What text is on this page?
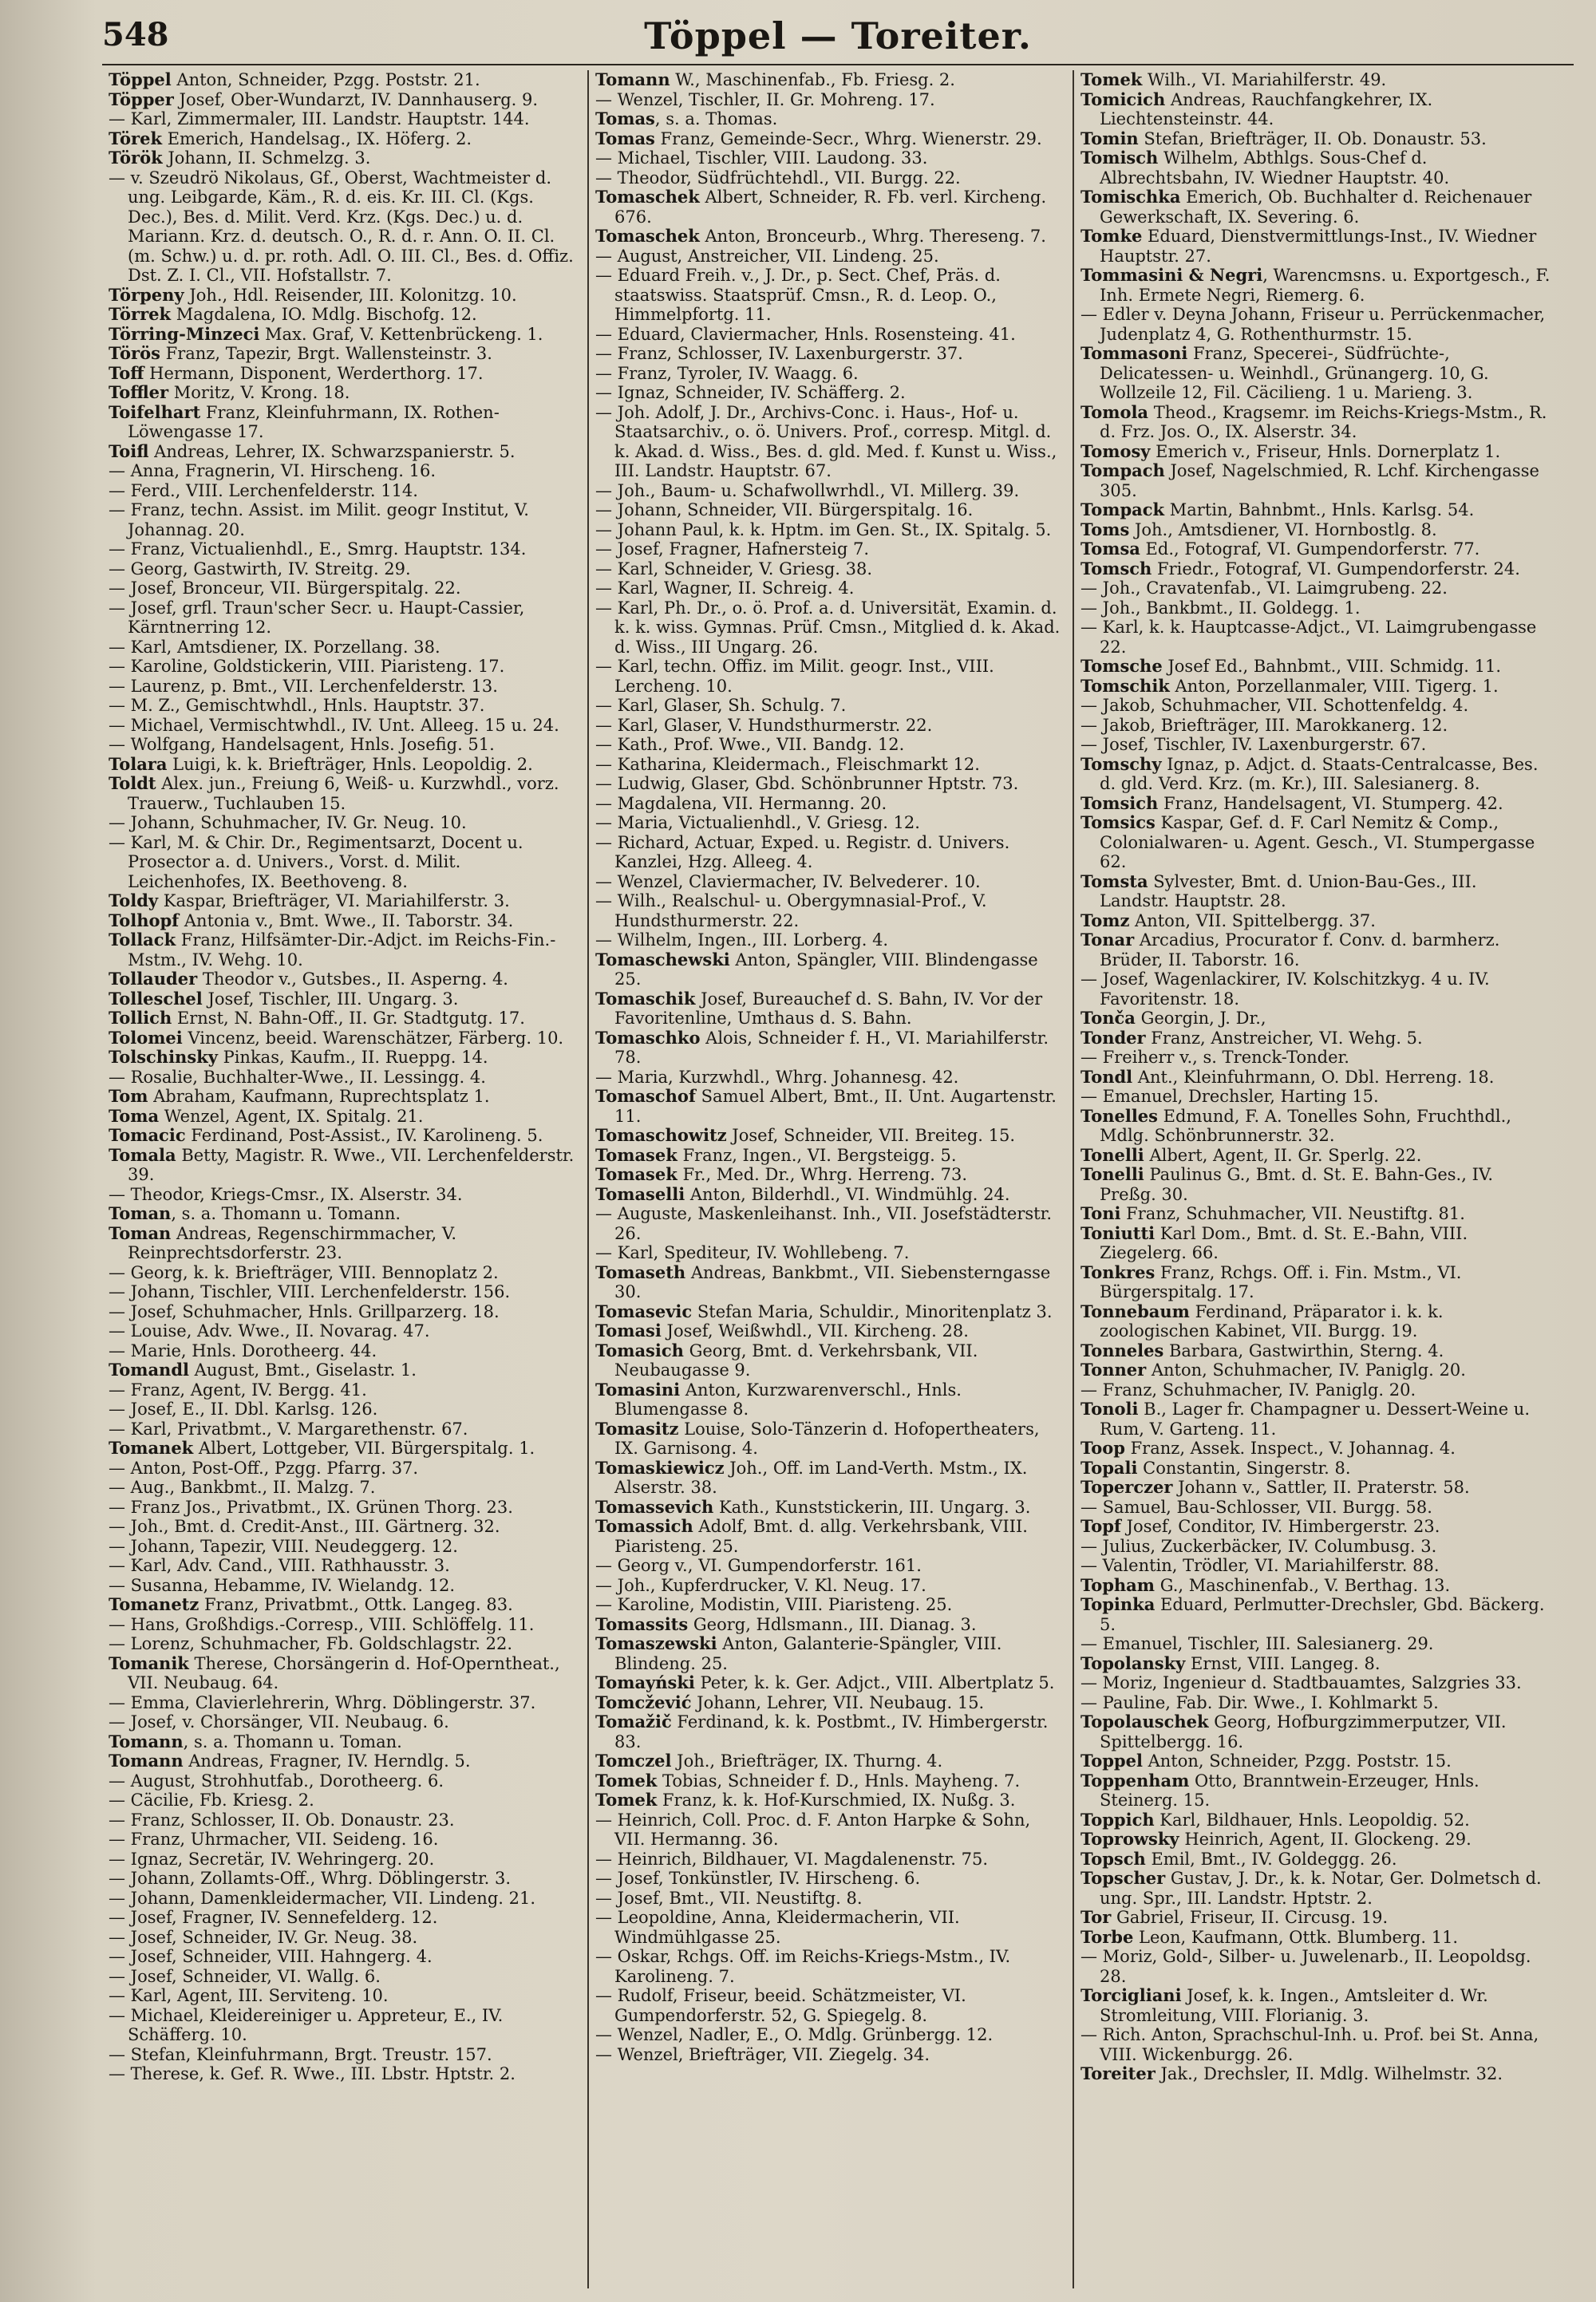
548	Töppel — Toreiter.
Töppel Anton, Schneider, Pzgg. Poststr. 21.
Töpper Josef, Ober-Wundarzt, IV. Dannhauserg. 9.
— Karl, Zimmermaler, III. Landstr. Hauptstr. 144.
Törek Emerich, Handelsag., IX. Höferg. 2.
Török Johann, II. Schmelzg. 3.
— v. Szeudrö Nikolaus, Gf., Oberst, Wachtmeister d. ung. Leibgarde, Käm., R. d. eis. Kr. III. Cl. (Kgs. Dec.), Bes. d. Milit. Verd. Krz. (Kgs. Dec.) u. d. Mariann. Krz. d. deutsch. O., R. d. r. Ann. O. II. Cl. (m. Schw.) u. d. pr. roth. Adl. O. III. Cl., Bes. d. Offiz. Dst. Z. I. Cl., VII. Hofstallstr. 7.
Törpeny Joh., Hdl. Reisender, III. Kolonitzg. 10.
Törrek Magdalena, IO. Mdlg. Bischofg. 12.
Törring-Minzeci Max. Graf, V. Kettenbrückeng. 1.
Törös Franz, Tapezir, Brgt. Wallensteinstr. 3.
Toff Hermann, Disponent, Werderthorg. 17.
Toffler Moritz, V. Krong. 18.
Toifelhart Franz, Kleinfuhrmann, IX. Rothen-Löwengasse 17.
Toifl Andreas, Lehrer, IX. Schwarzspanierstr. 5.
— Anna, Fragnerin, VI. Hirscheng. 16.
— Ferd., VIII. Lerchenfelderstr. 114.
— Franz, techn. Assist. im Milit. geogr Institut, V. Johannag. 20.
— Franz, Victualienhdl., E., Smrg. Hauptstr. 134.
— Georg, Gastwirth, IV. Streitg. 29.
— Josef, Bronceur, VII. Bürgerspitalg. 22.
— Josef, grfl. Traun'scher Secr. u. Haupt-Cassier, Kärntnerring 12.
— Karl, Amtsdiener, IX. Porzellang. 38.
— Karoline, Goldstickerin, VIII. Piaristeng. 17.
— Laurenz, p. Bmt., VII. Lerchenfelderstr. 13.
— M. Z., Gemischtwhdl., Hnls. Hauptstr. 37.
— Michael, Vermischtwhdl., IV. Unt. Alleeg. 15 u. 24.
— Wolfgang, Handelsagent, Hnls. Josefig. 51.
Tolara Luigi, k. k. Briefträger, Hnls. Leopoldig. 2.
Toldt Alex. jun., Freiung 6, Weiß- u. Kurzwhdl., vorz. Trauerw., Tuchlauben 15.
— Johann, Schuhmacher, IV. Gr. Neug. 10.
— Karl, M. & Chir. Dr., Regimentsarzt, Docent u. Prosector a. d. Univers., Vorst. d. Milit. Leichenhofes, IX. Beethoveng. 8.
Toldy Kaspar, Briefträger, VI. Mariahilferstr. 3.
Tolhopf Antonia v., Bmt. Wwe., II. Taborstr. 34.
Tollack Franz, Hilfsämter-Dir.-Adjct. im Reichs-Fin.-Mstm., IV. Wehg. 10.
Tollauder Theodor v., Gutsbes., II. Asperng. 4.
Tolleschel Josef, Tischler, III. Ungarg. 3.
Tollich Ernst, N. Bahn-Off., II. Gr. Stadtgutg. 17.
Tolomei Vincenz, beeid. Warenschätzer, Färberg. 10.
Tolschinsky Pinkas, Kaufm., II. Rueppg. 14.
— Rosalie, Buchhalter-Wwe., II. Lessingg. 4.
Tom Abraham, Kaufmann, Ruprechtsplatz 1.
Toma Wenzel, Agent, IX. Spitalg. 21.
Tomacic Ferdinand, Post-Assist., IV. Karolineng. 5.
Tomala Betty, Magistr. R. Wwe., VII. Lerchenfelderstr. 39.
— Theodor, Kriegs-Cmsr., IX. Alserstr. 34.
Toman, s. a. Thomann u. Tomann.
Toman Andreas, Regenschirmmacher, V. Reinprechtsdorferstr. 23.
— Georg, k. k. Briefträger, VIII. Bennoplatz 2.
— Johann, Tischler, VIII. Lerchenfelderstr. 156.
— Josef, Schuhmacher, Hnls. Grillparzerg. 18.
— Louise, Adv. Wwe., II. Novarag. 47.
— Marie, Hnls. Dorotheerg. 44.
Tomandl August, Bmt., Giselastr. 1.
— Franz, Agent, IV. Bergg. 41.
— Josef, E., II. Dbl. Karlsg. 126.
— Karl, Privatbmt., V. Margarethenstr. 67.
Tomanek Albert, Lottgeber, VII. Bürgerspitalg. 1.
— Anton, Post-Off., Pzgg. Pfarrg. 37.
— Aug., Bankbmt., II. Malzg. 7.
— Franz Jos., Privatbmt., IX. Grünen Thorg. 23.
— Joh., Bmt. d. Credit-Anst., III. Gärtnerg. 32.
— Johann, Tapezir, VIII. Neudeggerg. 12.
— Karl, Adv. Cand., VIII. Rathhausstr. 3.
— Susanna, Hebamme, IV. Wielandg. 12.
Tomanetz Franz, Privatbmt., Ottk. Langeg. 83.
— Hans, Großhdigs.-Corresp., VIII. Schlöffelg. 11.
— Lorenz, Schuhmacher, Fb. Goldschlagstr. 22.
Tomanik Therese, Chorsängerin d. Hof-Operntheat., VII. Neubaug. 64.
— Emma, Clavierlehrerin, Whrg. Döblingerstr. 37.
— Josef, v. Chorsänger, VII. Neubaug. 6.
Tomann, s. a. Thomann u. Toman.
Tomann Andreas, Fragner, IV. Herndlg. 5.
— August, Strohhutfab., Dorotheerg. 6.
— Cäcilie, Fb. Kriesg. 2.
— Franz, Schlosser, II. Ob. Donaustr. 23.
— Franz, Uhrmacher, VII. Seideng. 16.
— Ignaz, Secretär, IV. Wehringerg. 20.
— Johann, Zollamts-Off., Whrg. Döblingerstr. 3.
— Johann, Damenkleidermacher, VII. Lindeng. 21.
— Josef, Fragner, IV. Sennefelderg. 12.
— Josef, Schneider, IV. Gr. Neug. 38.
— Josef, Schneider, VIII. Hahngerg. 4.
— Josef, Schneider, VI. Wallg. 6.
— Karl, Agent, III. Serviteng. 10.
— Michael, Kleidereiniger u. Appreteur, E., IV. Schäfferg. 10.
— Stefan, Kleinfuhrmann, Brgt. Treustr. 157.
— Therese, k. Gef. R. Wwe., III. Lbstr. Hptstr. 2.
Tomann W., Maschinenfab., Fb. Friesg. 2.
— Wenzel, Tischler, II. Gr. Mohreng. 17.
Tomas, s. a. Thomas.
Tomas Franz, Gemeinde-Secr., Whrg. Wienerstr. 29.
— Michael, Tischler, VIII. Laudong. 33.
— Theodor, Südfrüchtehdl., VII. Burgg. 22.
Tomaschek Albert, Schneider, R. Fb. verl. Kircheng. 676.
Tomaschek Anton, Bronceurb., Whrg. Thereseng. 7.
— August, Anstreicher, VII. Lindeng. 25.
— Eduard Freih. v., J. Dr., p. Sect. Chef, Präs. d. staatswiss. Staatsprüf. Cmsn., R. d. Leop. O., Himmelpfortg. 11.
— Eduard, Claviermacher, Hnls. Rosensteing. 41.
— Franz, Schlosser, IV. Laxenburgerstr. 37.
— Franz, Tyroler, IV. Waagg. 6.
— Ignaz, Schneider, IV. Schäfferg. 2.
— Joh. Adolf, J. Dr., Archivs-Conc. i. Haus-, Hof- u. Staatsarchiv., o. ö. Univers. Prof., corresp. Mitgl. d. k. Akad. d. Wiss., Bes. d. gld. Med. f. Kunst u. Wiss., III. Landstr. Hauptstr. 67.
— Joh., Baum- u. Schafwollwrhdl., VI. Millerg. 39.
— Johann, Schneider, VII. Bürgerspitalg. 16.
— Johann Paul, k. k. Hptm. im Gen. St., IX. Spitalg. 5.
— Josef, Fragner, Hafnersteig 7.
— Karl, Schneider, V. Griesg. 38.
— Karl, Wagner, II. Schreig. 4.
— Karl, Ph. Dr., o. ö. Prof. a. d. Universität, Examin. d. k. k. wiss. Gymnas. Prüf. Cmsn., Mitglied d. k. Akad. d. Wiss., III Ungarg. 26.
— Karl, techn. Offiz. im Milit. geogr. Inst., VIII. Lercheng. 10.
— Karl, Glaser, Sh. Schulg. 7.
— Karl, Glaser, V. Hundsthurmerstr. 22.
— Kath., Prof. Wwe., VII. Bandg. 12.
— Katharina, Kleidermach., Fleischmarkt 12.
— Ludwig, Glaser, Gbd. Schönbrunner Hptstr. 73.
— Magdalena, VII. Hermanng. 20.
— Maria, Victualienhdl., V. Griesg. 12.
— Richard, Actuar, Exped. u. Registr. d. Univers. Kanzlei, Hzg. Alleeg. 4.
— Wenzel, Claviermacher, IV. Belvederег. 10.
— Wilh., Realschul- u. Obergymnasial-Prof., V. Hundsthurmerstr. 22.
— Wilhelm, Ingen., III. Lorberg. 4.
Tomaschewski Anton, Spängler, VIII. Blindengasse 25.
Tomaschik Josef, Bureauchef d. S. Bahn, IV. Vor der Favoritenline, Umthaus d. S. Bahn.
Tomaschko Alois, Schneider f. H., VI. Mariahilferstr. 78.
— Maria, Kurzwhdl., Whrg. Johannesg. 42.
Tomaschof Samuel Albert, Bmt., II. Unt. Augartenstr. 11.
Tomaschowitz Josef, Schneider, VII. Breiteg. 15.
Tomasek Franz, Ingen., VI. Bergsteigg. 5.
Tomasek Fr., Med. Dr., Whrg. Herreng. 73.
Tomaselli Anton, Bilderhdl., VI. Windmühlg. 24.
— Auguste, Maskenleihanst. Inh., VII. Josefstädterstr. 26.
— Karl, Spediteur, IV. Wohllebeng. 7.
Tomaseth Andreas, Bankbmt., VII. Siebensterngasse 30.
Tomasevic Stefan Maria, Schuldir., Minoritenplatz 3.
Tomasi Josef, Weißwhdl., VII. Kircheng. 28.
Tomasich Georg, Bmt. d. Verkehrsbank, VII. Neubaugasse 9.
Tomasini Anton, Kurzwarenverschl., Hnls. Blumengasse 8.
Tomasitz Louise, Solo-Tänzerin d. Hofopertheaters, IX. Garnisong. 4.
Tomaskiewicz Joh., Off. im Land-Verth. Mstm., IX. Alserstr. 38.
Tomassevich Kath., Kunststickerin, III. Ungarg. 3.
Tomassich Adolf, Bmt. d. allg. Verkehrsbank, VIII. Piaristeng. 25.
— Georg v., VI. Gumpendorferstr. 161.
— Joh., Kupferdrucker, V. Kl. Neug. 17.
— Karoline, Modistin, VIII. Piaristeng. 25.
Tomassits Georg, Hdlsmann., III. Dianag. 3.
Tomaszewski Anton, Galanterie-Spängler, VIII. Blindeng. 25.
Tomayński Peter, k. k. Ger. Adjct., VIII. Albertplatz 5.
Tomcžević Johann, Lehrer, VII. Neubaug. 15.
Tomažič Ferdinand, k. k. Postbmt., IV. Himbergerstr. 83.
Tomczel Joh., Briefträger, IX. Thurng. 4.
Tomek Tobias, Schneider f. D., Hnls. Mayheng. 7.
Tomek Franz, k. k. Hof-Kurschmied, IX. Nußg. 3.
— Heinrich, Coll. Proc. d. F. Anton Harpke & Sohn, VII. Hermanng. 36.
— Heinrich, Bildhauer, VI. Magdalenenstr. 75.
— Josef, Tonkünstler, IV. Hirscheng. 6.
— Josef, Bmt., VII. Neustiftg. 8.
— Leopoldine, Anna, Kleidermacherin, VII. Windmühlgasse 25.
— Oskar, Rchgs. Off. im Reichs-Kriegs-Mstm., IV. Karolineng. 7.
— Rudolf, Friseur, beeid. Schätzmeister, VI. Gumpendorferstr. 52, G. Spiegelg. 8.
— Wenzel, Nadler, E., O. Mdlg. Grünbergg. 12.
— Wenzel, Briefträger, VII. Ziegelg. 34.
Tomek Wilh., VI. Mariahilferstr. 49.
Tomicich Andreas, Rauchfangkehrer, IX. Liechtensteinstr. 44.
Tomin Stefan, Briefträger, II. Ob. Donaustr. 53.
Tomisch Wilhelm, Abthlgs. Sous-Chef d. Albrechtsbahn, IV. Wiedner Hauptstr. 40.
Tomischka Emerich, Ob. Buchhalter d. Reichenauer Gewerkschaft, IX. Severing. 6.
Tomke Eduard, Dienstvermittlungs-Inst., IV. Wiedner Hauptstr. 27.
Tommasini & Negri, Warencmsns. u. Exportgesch., F. Inh. Ermete Negri, Riemerg. 6.
— Edler v. Deyna Johann, Friseur u. Perrückenmacher, Judenplatz 4, G. Rothenthurmstr. 15.
Tommasoni Franz, Specerei-, Südfrüchte-, Delicatessen- u. Weinhdl., Grünangerg. 10, G. Wollzeile 12, Fil. Cäcilieng. 1 u. Marieng. 3.
Tomola Theod., Kragsemr. im Reichs-Kriegs-Mstm., R. d. Frz. Jos. O., IX. Alserstr. 34.
Tomosy Emerich v., Friseur, Hnls. Dornerplatz 1.
Tompach Josef, Nagelschmied, R. Lchf. Kirchengasse 305.
Tompack Martin, Bahnbmt., Hnls. Karlsg. 54.
Toms Joh., Amtsdiener, VI. Hornbostlg. 8.
Tomsa Ed., Fotograf, VI. Gumpendorferstr. 77.
Tomsch Friedr., Fotograf, VI. Gumpendorferstr. 24.
— Joh., Cravatenfab., VI. Laimgrubeng. 22.
— Joh., Bankbmt., II. Goldegg. 1.
— Karl, k. k. Hauptcasse-Adjct., VI. Laimgrubengasse 22.
Tomsche Josef Ed., Bahnbmt., VIII. Schmidg. 11.
Tomschik Anton, Porzellanmaler, VIII. Tigerg. 1.
— Jakob, Schuhmacher, VII. Schottenfeldg. 4.
— Jakob, Briefträger, III. Marokkanerg. 12.
— Josef, Tischler, IV. Laxenburgerstr. 67.
Tomschy Ignaz, p. Adjct. d. Staats-Centralcasse, Bes. d. gld. Verd. Krz. (m. Kr.), III. Salesianerg. 8.
Tomsich Franz, Handelsagent, VI. Stumperg. 42.
Tomsics Kaspar, Gef. d. F. Carl Nemitz & Comp., Colonialwaren- u. Agent. Gesch., VI. Stumpergasse 62.
Tomsta Sylvester, Bmt. d. Union-Bau-Ges., III. Landstr. Hauptstr. 28.
Tomz Anton, VII. Spittelbergg. 37.
Tonar Arcadius, Procurator f. Conv. d. barmherz. Brüder, II. Taborstr. 16.
— Josef, Wagenlackirer, IV. Kolschitzkyg. 4 u. IV. Favoritenstr. 18.
Tonča Georgin, J. Dr.,
Tonder Franz, Anstreicher, VI. Wehg. 5.
— Freiherr v., s. Trenck-Tonder.
Tondl Ant., Kleinfuhrmann, O. Dbl. Herreng. 18.
— Emanuel, Drechsler, Harting 15.
Tonelles Edmund, F. A. Tonelles Sohn, Fruchthdl., Mdlg. Schönbrunnerstr. 32.
Tonelli Albert, Agent, II. Gr. Sperlg. 22.
Tonelli Paulinus G., Bmt. d. St. E. Bahn-Ges., IV. Preßg. 30.
Toni Franz, Schuhmacher, VII. Neustiftg. 81.
Toniutti Karl Dom., Bmt. d. St. E.-Bahn, VIII. Ziegelerg. 66.
Tonkres Franz, Rchgs. Off. i. Fin. Mstm., VI. Bürgerspitalg. 17.
Tonnebaum Ferdinand, Präparator i. k. k. zoologischen Kabinet, VII. Burgg. 19.
Tonneles Barbara, Gastwirthin, Sterng. 4.
Tonner Anton, Schuhmacher, IV. Paniglg. 20.
— Franz, Schuhmacher, IV. Paniglg. 20.
Tonoli B., Lager fr. Champagner u. Dessert-Weine u. Rum, V. Garteng. 11.
Toop Franz, Assek. Inspect., V. Johannag. 4.
Topali Constantin, Singerstr. 8.
Toperczer Johann v., Sattler, II. Praterstr. 58.
— Samuel, Bau-Schlosser, VII. Burgg. 58.
Topf Josef, Conditor, IV. Himbergerstr. 23.
— Julius, Zuckerbäcker, IV. Columbusg. 3.
— Valentin, Trödler, VI. Mariahilferstr. 88.
Topham G., Maschinenfab., V. Berthag. 13.
Topinka Eduard, Perlmutter-Drechsler, Gbd. Bäckerg. 5.
— Emanuel, Tischler, III. Salesianerg. 29.
Topolansky Ernst, VIII. Langeg. 8.
— Moriz, Ingenieur d. Stadtbauamtes, Salzgries 33.
— Pauline, Fab. Dir. Wwe., I. Kohlmarkt 5.
Topolauschek Georg, Hofburgzimmerputzer, VII. Spittelbergg. 16.
Toppel Anton, Schneider, Pzgg. Poststr. 15.
Toppenham Otto, Branntwein-Erzeuger, Hnls. Steinerg. 15.
Toppich Karl, Bildhauer, Hnls. Leopoldig. 52.
Toprowsky Heinrich, Agent, II. Glockeng. 29.
Topsch Emil, Bmt., IV. Goldeggg. 26.
Topscher Gustav, J. Dr., k. k. Notar, Ger. Dolmetsch d. ung. Spr., III. Landstr. Hptstr. 2.
Tor Gabriel, Friseur, II. Circusg. 19.
Torbe Leon, Kaufmann, Ottk. Blumberg. 11.
— Moriz, Gold-, Silber- u. Juwelenarb., II. Leopoldsg. 28.
Torcigliani Josef, k. k. Ingen., Amtsleiter d. Wr. Stromleitung, VIII. Florianig. 3.
— Rich. Anton, Sprachschul-Inh. u. Prof. bei St. Anna, VIII. Wickenburgg. 26.
Toreiter Jak., Drechsler, II. Mdlg. Wilhelmstr. 32.
